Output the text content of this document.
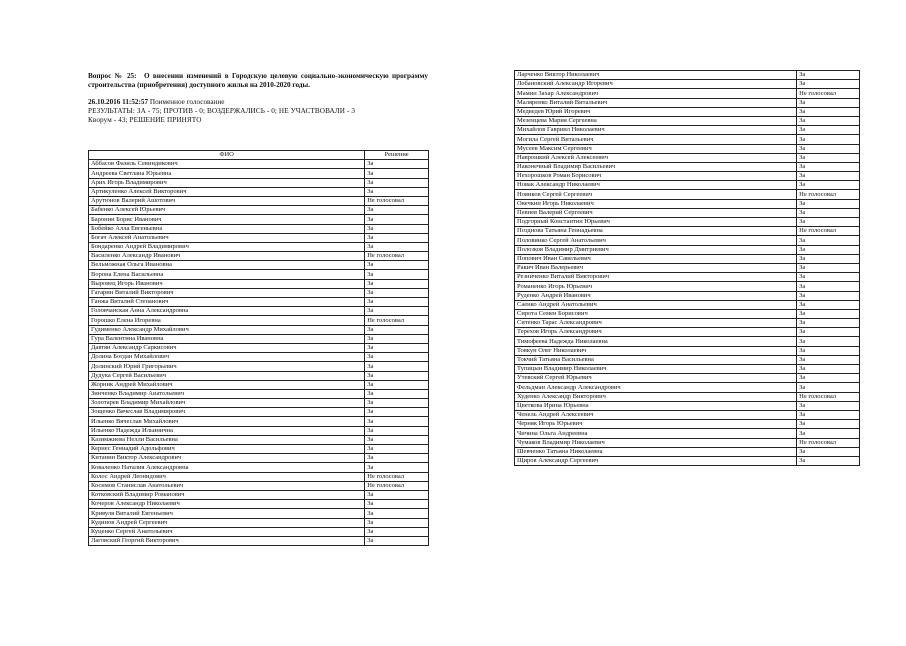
Вопрос № 25: О внесении изменений в Городскую целевую социально-экономическую программу строительства (приобретения) доступного жилья на 2010-2020 годы.
26.10.2016 11:52:57 Поименное голосование
РЕЗУЛЬТАТЫ: ЗА - 75; ПРОТИВ - 0; ВОЗДЕРЖАЛИСЬ - 0; НЕ УЧАСТВОВАЛИ - 3
Кворум - 43; РЕШЕНИЕ ПРИНЯТО
ФИО	Решение
Аббасов Фазиль Севиндикович	За
Андреева Светлана Юрьевна	За
Арих Игорь Владимирович	За
Артикуленко Алексей Викторович	За
Арутюнов Валерий Ашотович	Не голосовал
Бабенко Алексей Юрьевич	За
Баронин Борис Иванович	За
Бобейко Алла Евгеньевна	За
Богач Алексей Анатольевич	За
Бондаренко Андрей Владимирович	За
Василенко Александр Иванович	Не голосовал
Вельможная Ольга Ивановна	За
Ворона Елена Васильевна	За
Выровец Игорь Иванович	За
Гагарин Виталий Викторович	За
Ганжа Виталий Степанович	За
Головчанская Анна Александровна	За
Горошко Елена Игоревна	Не голосовал
Гудименко Александр Михайлович	За
Гура Валентина Ивановна	За
Давтян Александр Саркисович	За
Долина Богдан Михайлович	За
Долинский Юрий Григорьевич	За
Дудука Сергей Васильевич	За
Жорник Андрей Михайлович	За
Зинченко Владимир Анатольевич	За
Золотарев Владимир Михайлович	За
Зощенко Вячеслав Владимирович	За
Ильенко Вячеслав Михайлович	За
Ильенко Надежда Ильинична	За
Казимжиева Нелли Васильевна	За
Кернес Геннадий Адольфович	За
Китанин Виктор Александрович	За
Коваленко Наталия Александровна	За
Колос Андрей Леонидович	Не голосовал
Косимов Станислав Анатольевич	Не голосовал
Котковский Владимир Романович	За
Кочеров Александр Николаевич	За
Кривуля Виталий Евгеньевич	За
Кудинов Андрей Сергеевич	За
Куценко Сергей Анатольевич	За
Лаговский Георгий Викторович	За
Ларченко Виктор Николаевич	За
Лобановский Александр Игоревич	За
Мамин Захар Александрович	Не голосовал
Маляренко Виталий Витальевич	За
Медведев Юрий Игоревич	За
Мезенцева Мария Сергеевна	За
Михайлов Гавриил Николаевич	За
Могила Сергей Витальевич	За
Мусеев Максим Сергеевич	За
Наврошкий Алексей Алексеевич	За
Наконечный Владимир Васильевич	За
Нехорошков Роман Борисович	За
Новак Александр Николаевич	За
Новиков Сергей Сергеевич	Не голосовал
Овечкин Игорь Николаевич	За
Певнев Валерий Сергеевич	За
Подгорный Константин Юрьевич	За
Позднова Татьяна Геннадьевна	Не голосовал
Половинко Сергей Анатольевич	За
Полозков Владимир Дмитриевич	За
Попович Иван Савельевич	За
Ракич Иван Валерьевич	За
Резниченко Виталий Викторович	За
Романенко Игорь Юрьевич	За
Руденко Андрей Иванович	За
Саенко Андрей Анатольевич	За
Сирота Семен Борисович	За
Ситенко Тарас Александрович	За
Терехов Игорь Александрович	За
Тимофеева Надежда Николаевна	За
Товкун Олег Николаевич	За
Токчий Татьяна Васильевна	За
Тупицын Владимир Николаевич	За
Утевский Сергей Юрьевич	За
Фельдман Александр Александрович	За
Худенко Александр Викторович	Не голосовал
Цветкова Ирина Юрьевна	За
Ченель Андрей Алексеевич	За
Черняк Игорь Юрьевич	За
Чичина Ольга Андреевна	За
Чумаков Владимир Николаевич	Не голосовал
Шевченко Татьяна Николаевна	За
Щиров Александр Сергеевич	За
